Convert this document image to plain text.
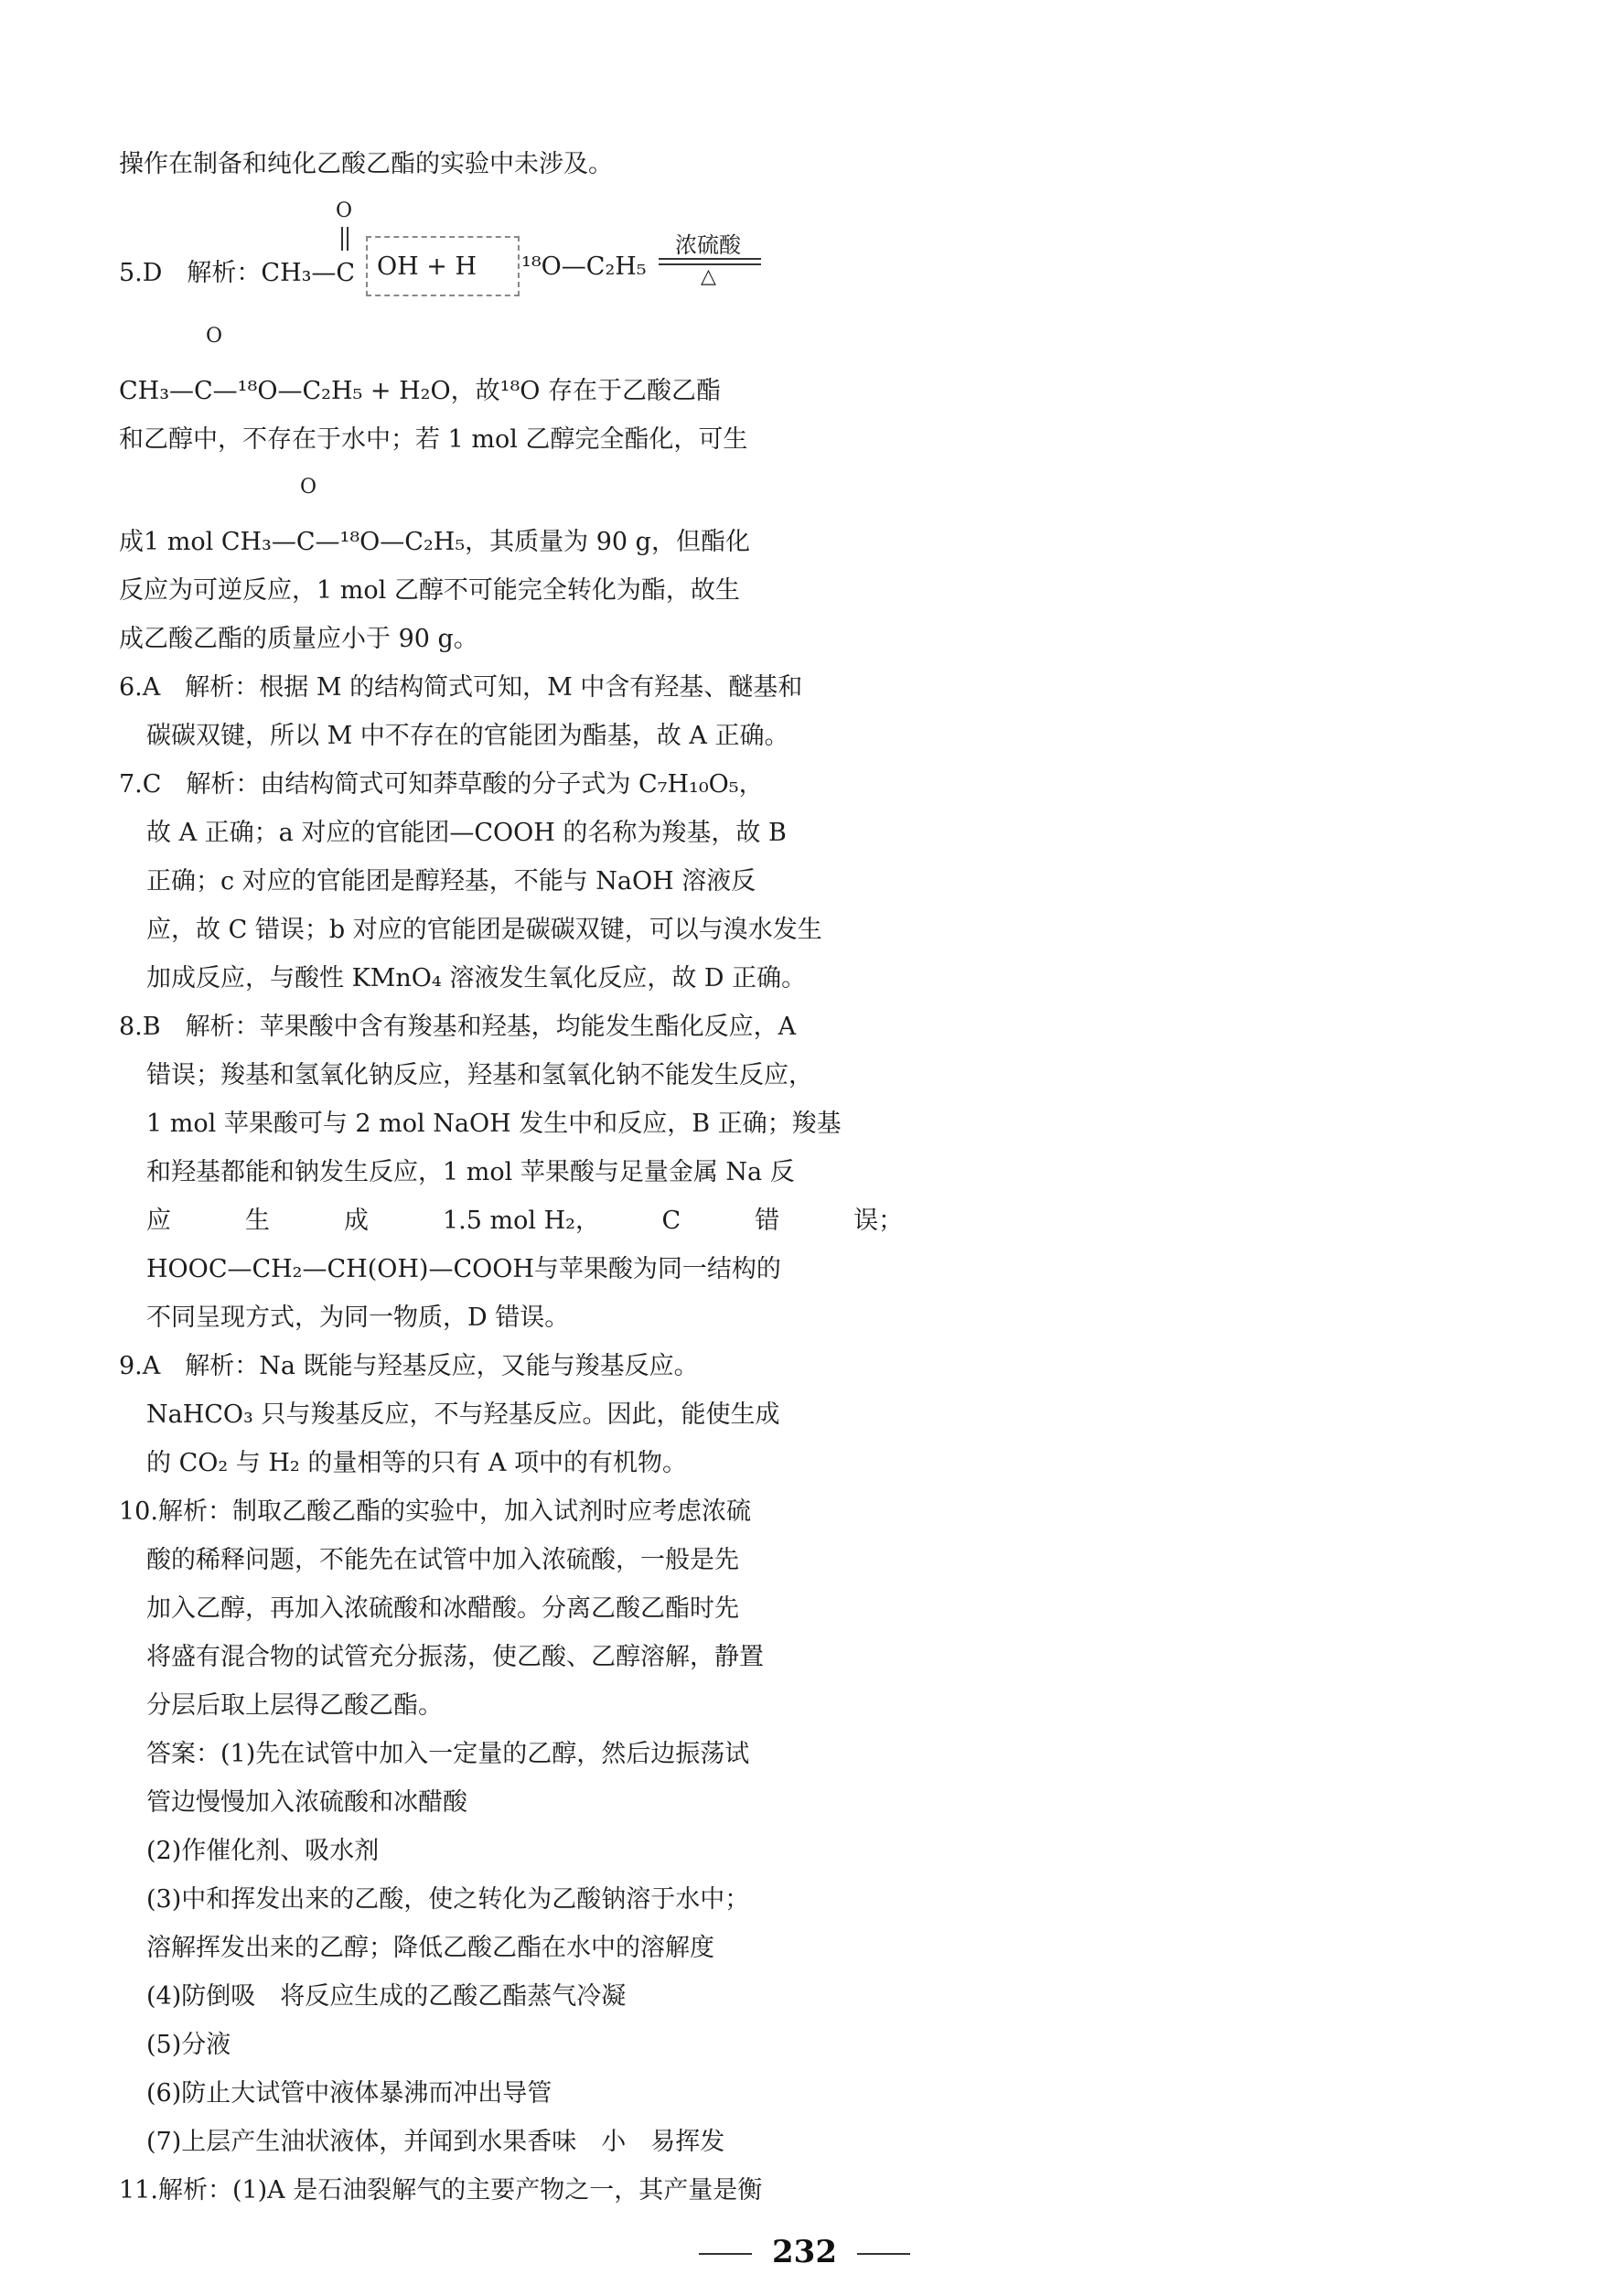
操作在制备和纯化乙酸乙酯的实验中未涉及。
5.D　解析：CH₃—C
O
OH + H ¹⁸O—C₂H₅
浓硫酸
△
O
CH₃—C—¹⁸O—C₂H₅ + H₂O，故¹⁸O 存在于乙酸乙酯
和乙醇中，不存在于水中；若 1 mol 乙醇完全酯化，可生
O
成1 mol CH₃—C—¹⁸O—C₂H₅，其质量为 90 g，但酯化
反应为可逆反应，1 mol 乙醇不可能完全转化为酯，故生
成乙酸乙酯的质量应小于 90 g。
6.A　解析：根据 M 的结构简式可知，M 中含有羟基、醚基和
碳碳双键，所以 M 中不存在的官能团为酯基，故 A 正确。
7.C　解析：由结构简式可知莽草酸的分子式为 C₇H₁₀O₅，
故 A 正确；a 对应的官能团—COOH 的名称为羧基，故 B
正确；c 对应的官能团是醇羟基，不能与 NaOH 溶液反
应，故 C 错误；b 对应的官能团是碳碳双键，可以与溴水发生
加成反应，与酸性 KMnO₄ 溶液发生氧化反应，故 D 正确。
8.B　解析：苹果酸中含有羧基和羟基，均能发生酯化反应，A
错误；羧基和氢氧化钠反应，羟基和氢氧化钠不能发生反应，
1 mol 苹果酸可与 2 mol NaOH 发生中和反应，B 正确；羧基
和羟基都能和钠发生反应，1 mol 苹果酸与足量金属 Na 反
应　　　生　　　成　　　1.5 mol H₂，　　　C　　　错　　　误；
HOOC—CH₂—CH(OH)—COOH与苹果酸为同一结构的
不同呈现方式，为同一物质，D 错误。
9.A　解析：Na 既能与羟基反应，又能与羧基反应。
NaHCO₃ 只与羧基反应，不与羟基反应。因此，能使生成
的 CO₂ 与 H₂ 的量相等的只有 A 项中的有机物。
10.解析：制取乙酸乙酯的实验中，加入试剂时应考虑浓硫
酸的稀释问题，不能先在试管中加入浓硫酸，一般是先
加入乙醇，再加入浓硫酸和冰醋酸。分离乙酸乙酯时先
将盛有混合物的试管充分振荡，使乙酸、乙醇溶解，静置
分层后取上层得乙酸乙酯。
答案：(1)先在试管中加入一定量的乙醇，然后边振荡试
管边慢慢加入浓硫酸和冰醋酸
(2)作催化剂、吸水剂
(3)中和挥发出来的乙酸，使之转化为乙酸钠溶于水中；
溶解挥发出来的乙醇；降低乙酸乙酯在水中的溶解度
(4)防倒吸　将反应生成的乙酸乙酯蒸气冷凝
(5)分液
(6)防止大试管中液体暴沸而冲出导管
(7)上层产生油状液体，并闻到水果香味　小　易挥发
11.解析：(1)A 是石油裂解气的主要产物之一，其产量是衡
232
